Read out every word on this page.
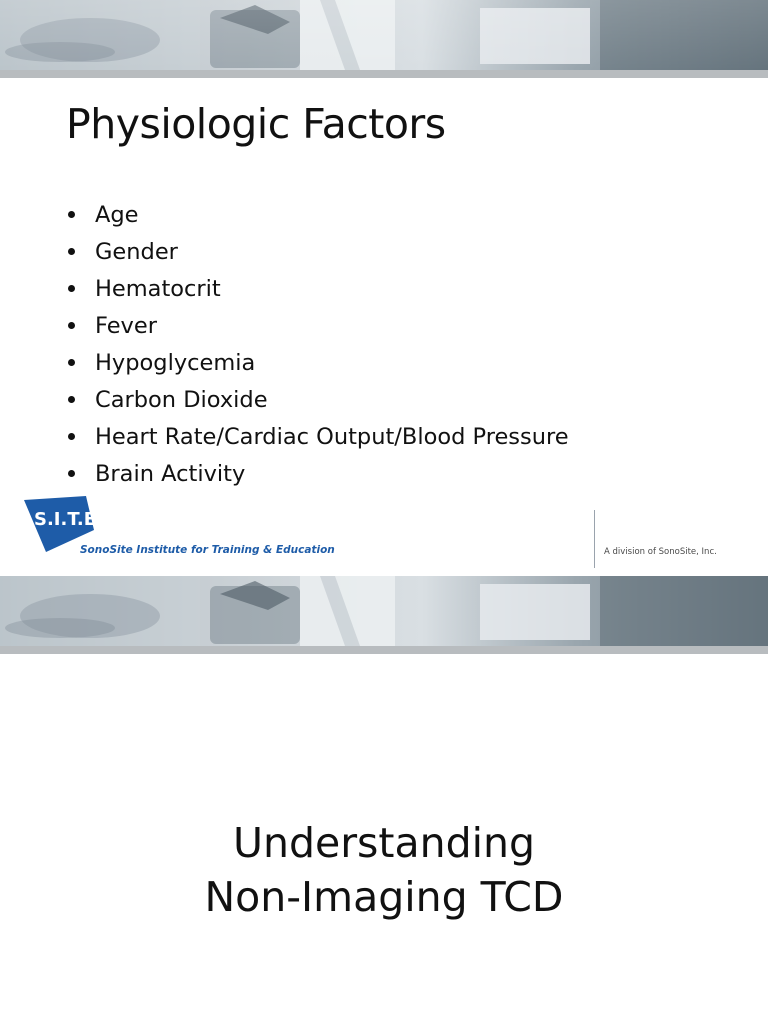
Physiologic Factors
Age
Gender
Hematocrit
Fever
Hypoglycemia
Carbon Dioxide
Heart Rate/Cardiac Output/Blood Pressure
Brain Activity
S.I.T.E.
SonoSite Institute for Training & Education	A division of SonoSite, Inc.
Understanding
Non-Imaging TCD
